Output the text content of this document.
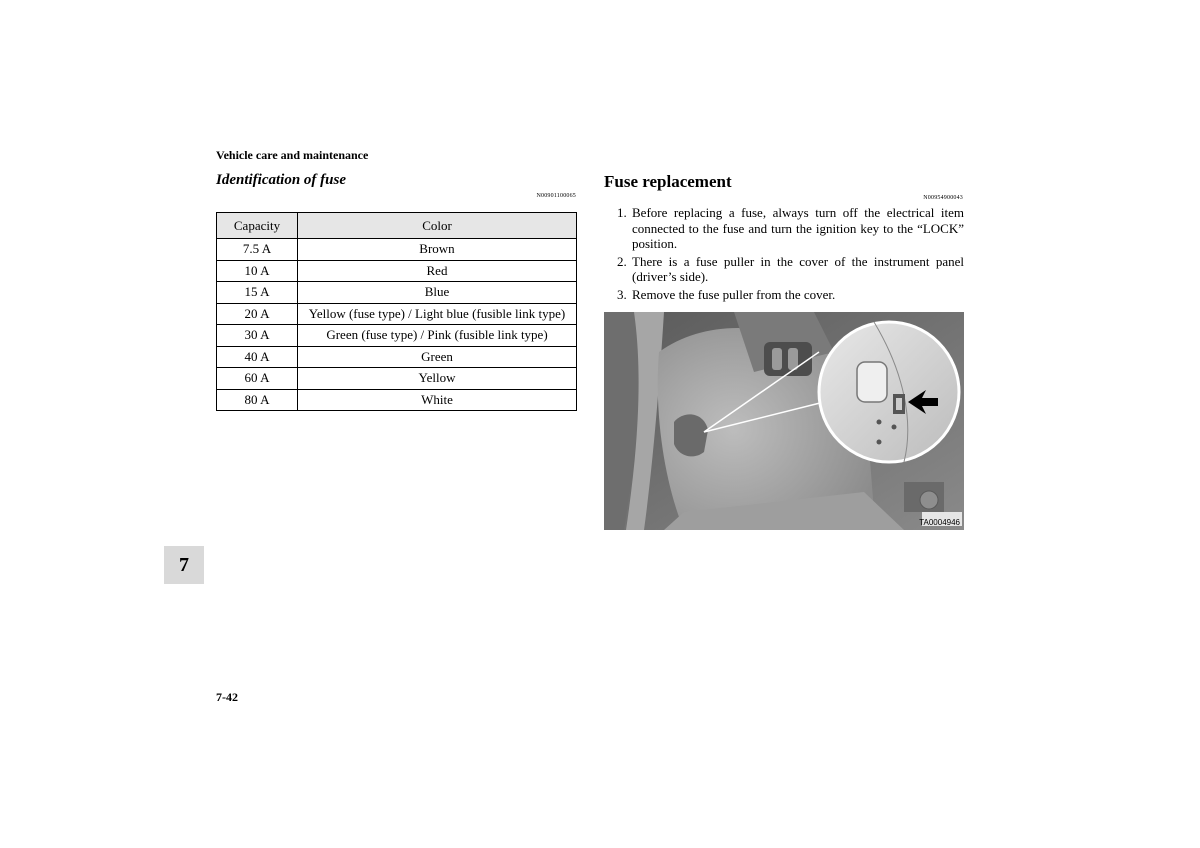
Vehicle care and maintenance
Identification of fuse
N00901100065
Capacity	Color
7.5 A	Brown
10 A	Red
15 A	Blue
20 A	Yellow (fuse type) / Light blue (fusible link type)
30 A	Green (fuse type) / Pink (fusible link type)
40 A	Green
60 A	Yellow
80 A	White
Fuse replacement
N00954900043
1. Before replacing a fuse, always turn off the electrical item connected to the fuse and turn the ignition key to the “LOCK” position.
2. There is a fuse puller in the cover of the instrument panel (driver’s side).
3. Remove the fuse puller from the cover.
TA0004946
7
7-42
